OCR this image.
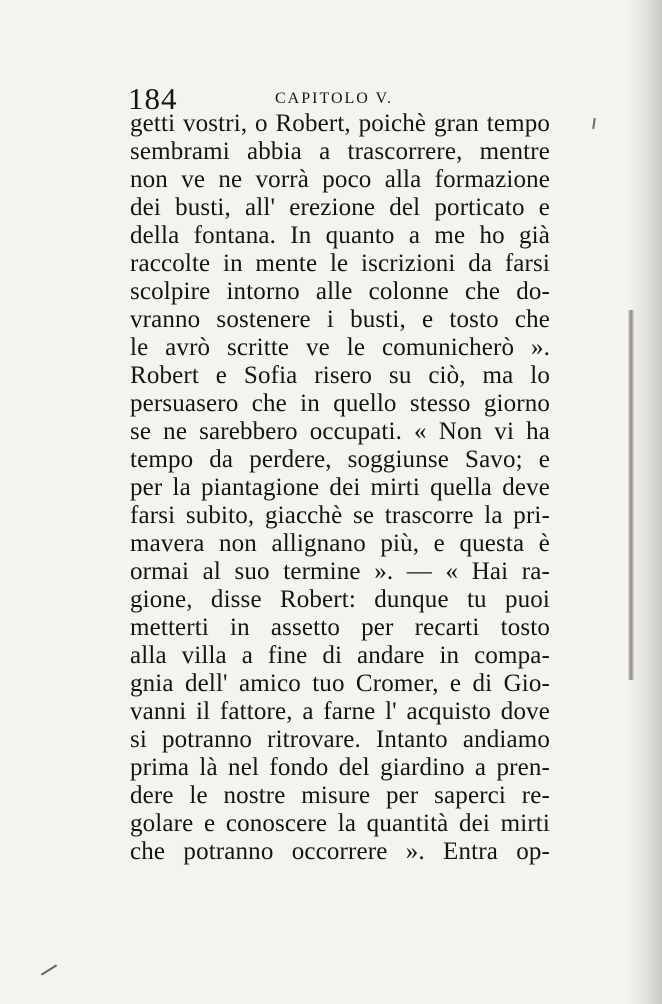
184	CAPITOLO V.
getti vostri, o Robert, poichè gran tempo
sembrami abbia a trascorrere, mentre
non ve ne vorrà poco alla formazione
dei busti, all' erezione del porticato e
della fontana. In quanto a me ho già
raccolte in mente le iscrizioni da farsi
scolpire intorno alle colonne che do-
vranno sostenere i busti, e tosto che
le avrò scritte ve le comunicherò ».
Robert e Sofia risero su ciò, ma lo
persuasero che in quello stesso giorno
se ne sarebbero occupati. « Non vi ha
tempo da perdere, soggiunse Savo; e
per la piantagione dei mirti quella deve
farsi subito, giacchè se trascorre la pri-
mavera non allignano più, e questa è
ormai al suo termine ». — « Hai ra-
gione, disse Robert: dunque tu puoi
metterti in assetto per recarti tosto
alla villa a fine di andare in compa-
gnia dell' amico tuo Cromer, e di Gio-
vanni il fattore, a farne l' acquisto dove
si potranno ritrovare. Intanto andiamo
prima là nel fondo del giardino a pren-
dere le nostre misure per saperci re-
golare e conoscere la quantità dei mirti
che potranno occorrere ». Entra op-
